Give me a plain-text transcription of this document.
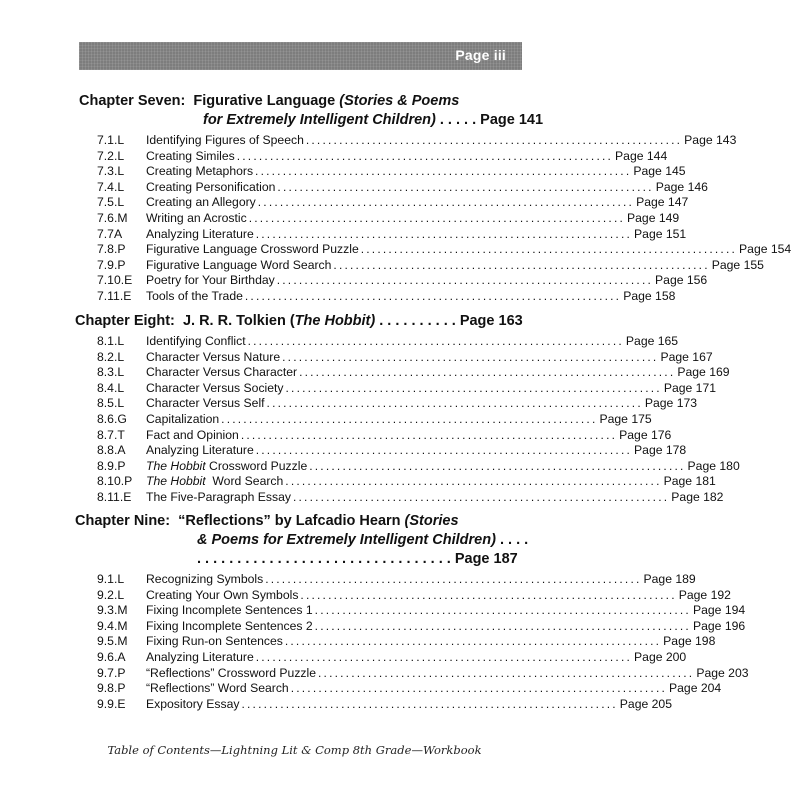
Page iii
Chapter Seven:  Figurative Language (Stories & Poems
for Extremely Intelligent Children) . . . . . Page 141
7.1.L	Identifying Figures of Speech .................................................................... Page 143
7.2.L	Creating Similes .................................................................... Page 144
7.3.L	Creating Metaphors .................................................................... Page 145
7.4.L	Creating Personification .................................................................... Page 146
7.5.L	Creating an Allegory .................................................................... Page 147
7.6.M	Writing an Acrostic .................................................................... Page 149
7.7A	Analyzing Literature .................................................................... Page 151
7.8.P	Figurative Language Crossword Puzzle .................................................................... Page 154
7.9.P	Figurative Language Word Search .................................................................... Page 155
7.10.E	Poetry for Your Birthday .................................................................... Page 156
7.11.E	Tools of the Trade .................................................................... Page 158
Chapter Eight:  J. R. R. Tolkien (The Hobbit) . . . . . . . . . . Page 163
8.1.L	Identifying Conflict .................................................................... Page 165
8.2.L	Character Versus Nature .................................................................... Page 167
8.3.L	Character Versus Character .................................................................... Page 169
8.4.L	Character Versus Society .................................................................... Page 171
8.5.L	Character Versus Self .................................................................... Page 173
8.6.G	Capitalization .................................................................... Page 175
8.7.T	Fact and Opinion .................................................................... Page 176
8.8.A	Analyzing Literature .................................................................... Page 178
8.9.P	The Hobbit Crossword Puzzle .................................................................... Page 180
8.10.P	The Hobbit  Word Search .................................................................... Page 181
8.11.E	The Five-Paragraph Essay .................................................................... Page 182
Chapter Nine:  “Reflections” by Lafcadio Hearn (Stories
& Poems for Extremely Intelligent Children) . . . .
. . . . . . . . . . . . . . . . . . . . . . . . . . . . . . . . Page 187
9.1.L	Recognizing Symbols .................................................................... Page 189
9.2.L	Creating Your Own Symbols .................................................................... Page 192
9.3.M	Fixing Incomplete Sentences 1 .................................................................... Page 194
9.4.M	Fixing Incomplete Sentences 2 .................................................................... Page 196
9.5.M	Fixing Run-on Sentences .................................................................... Page 198
9.6.A	Analyzing Literature .................................................................... Page 200
9.7.P	“Reflections” Crossword Puzzle .................................................................... Page 203
9.8.P	“Reflections” Word Search .................................................................... Page 204
9.9.E	Expository Essay .................................................................... Page 205
Table of Contents—Lightning Lit & Comp 8th Grade—Workbook
